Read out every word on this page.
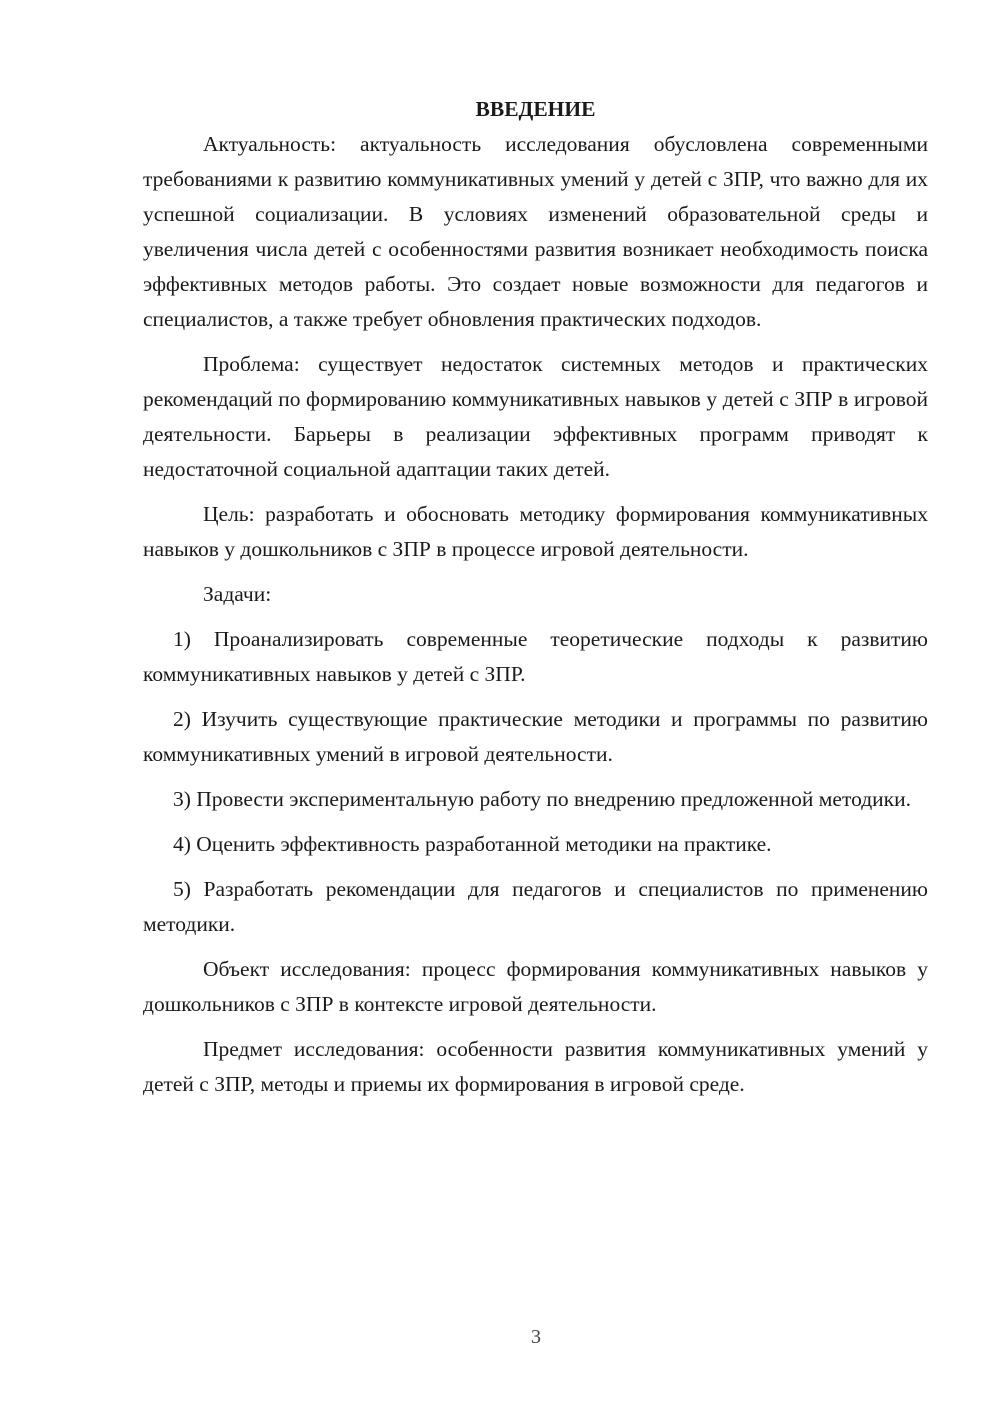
ВВЕДЕНИЕ

Актуальность: актуальность исследования обусловлена современными требованиями к развитию коммуникативных умений у детей с ЗПР, что важно для их успешной социализации. В условиях изменений образовательной среды и увеличения числа детей с особенностями развития возникает необходимость поиска эффективных методов работы. Это создает новые возможности для педагогов и специалистов, а также требует обновления практических подходов.

Проблема: существует недостаток системных методов и практических рекомендаций по формированию коммуникативных навыков у детей с ЗПР в игровой деятельности. Барьеры в реализации эффективных программ приводят к недостаточной социальной адаптации таких детей.

Цель: разработать и обосновать методику формирования коммуникативных навыков у дошкольников с ЗПР в процессе игровой деятельности.

Задачи:

1) Проанализировать современные теоретические подходы к развитию коммуникативных навыков у детей с ЗПР.

2) Изучить существующие практические методики и программы по развитию коммуникативных умений в игровой деятельности.

3) Провести экспериментальную работу по внедрению предложенной методики.

4) Оценить эффективность разработанной методики на практике.

5) Разработать рекомендации для педагогов и специалистов по применению методики.

Объект исследования: процесс формирования коммуникативных навыков у дошкольников с ЗПР в контексте игровой деятельности.

Предмет исследования: особенности развития коммуникативных умений у детей с ЗПР, методы и приемы их формирования в игровой среде.

3
